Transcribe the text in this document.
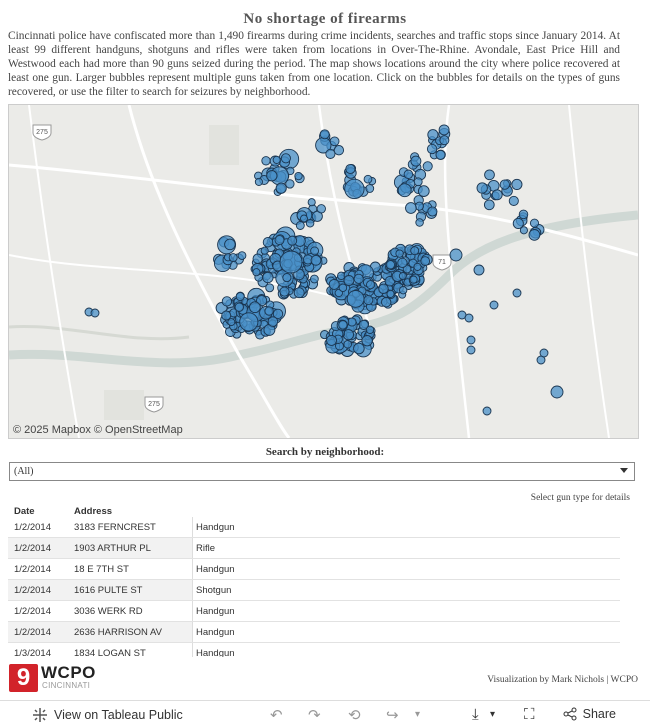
No shortage of firearms
Cincinnati police have confiscated more than 1,490 firearms during crime incidents, searches and traffic stops since January 2014. At least 99 different handguns, shotguns and rifles were taken from locations in Over-The-Rhine. Avondale, East Price Hill and Westwood each had more than 90 guns seized during the period. The map shows locations around the city where police recovered at least one gun. Larger bubbles represent multiple guns taken from one location. Click on the bubbles for details on the types of guns recovered, or use the filter to search for seizures by neighborhood.
275
71
275
© 2025 Mapbox © OpenStreetMap
Search by neighborhood:
(All)
Select gun type for details
Date	Address
1/2/2014 3183 FERNCREST	Handgun
1/2/2014 1903 ARTHUR PL	Rifle
1/2/2014 18 E 7TH ST	Handgun
1/2/2014 1616 PULTE ST	Shotgun
1/2/2014 3036 WERK RD	Handgun
1/2/2014 2636 HARRISON AV	Handgun
1/3/2014 1834 LOGAN ST	Handgun
9 WCPO
CINCINNATI
Visualization by Mark Nichols | WCPO
View on Tableau Public	↶ ↷ ⟲ ↪ ▾	⤓ ▾ ⛶	Share
